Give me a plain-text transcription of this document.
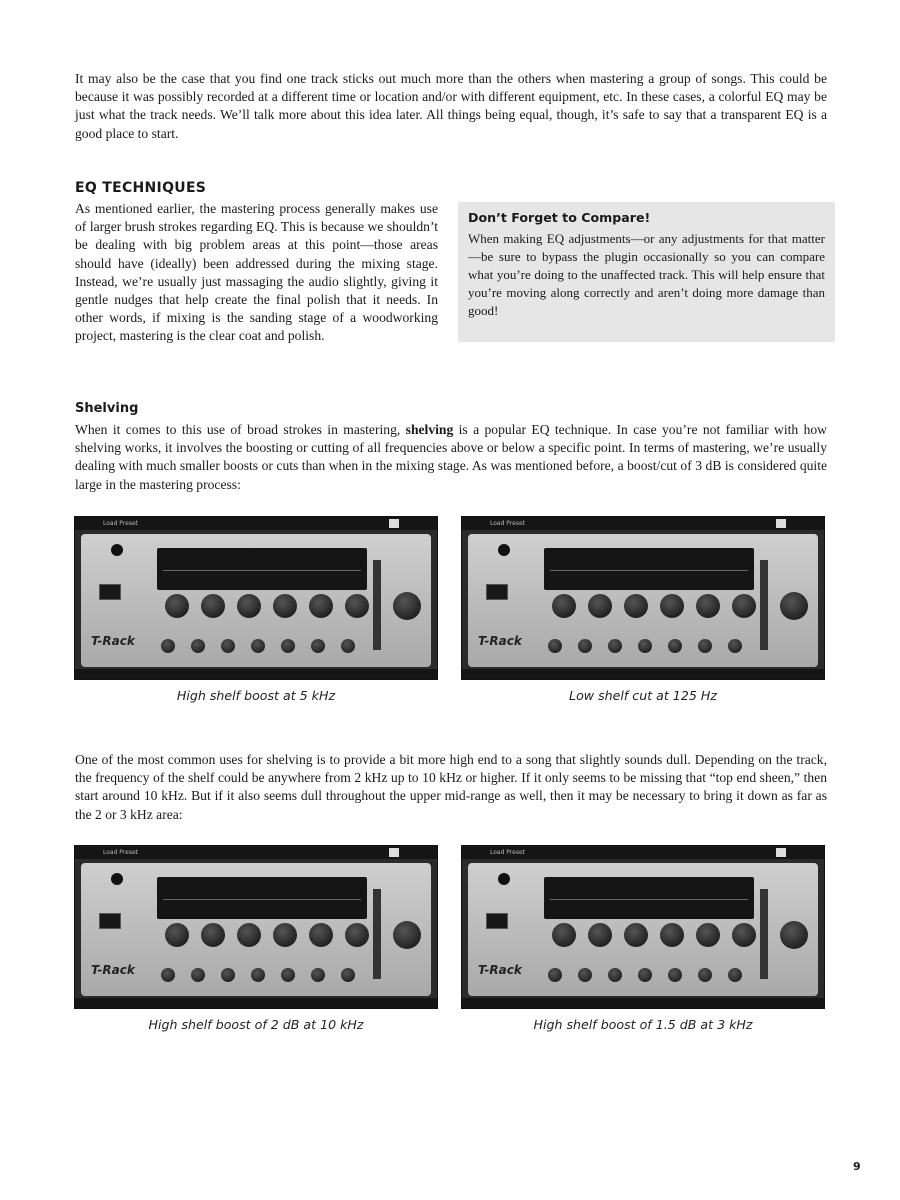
It may also be the case that you find one track sticks out much more than the others when mastering a group of songs. This could be because it was possibly recorded at a different time or location and/or with different equipment, etc. In these cases, a colorful EQ may be just what the track needs. We’ll talk more about this idea later. All things being equal, though, it’s safe to say that a transparent EQ is a good place to start.

EQ TECHNIQUES

As mentioned earlier, the mastering process generally makes use of larger brush strokes regarding EQ. This is because we shouldn’t be dealing with big problem areas at this point—those areas should have (ideally) been addressed during the mixing stage. Instead, we’re usually just massaging the audio slightly, giving it gentle nudges that help create the final polish that it needs. In other words, if mixing is the sanding stage of a woodworking project, mastering is the clear coat and polish.

Don’t Forget to Compare!
When making EQ adjustments—or any adjustments for that matter—be sure to bypass the plugin occasionally so you can compare what you’re doing to the unaffected track. This will help ensure that you’re moving along correctly and aren’t doing more damage than good!
Shelving

When it comes to this use of broad strokes in mastering, shelving is a popular EQ technique. In case you’re not familiar with how shelving works, it involves the boosting or cutting of all frequencies above or below a specific point. In terms of mastering, we’re usually dealing with much smaller boosts or cuts than when in the mixing stage. As was mentioned before, a boost/cut of 3 dB is considered quite large in the mastering process:

Load Preset
T-Rack
High shelf boost at 5 kHz
Load Preset
T-Rack
Low shelf cut at 125 Hz

One of the most common uses for shelving is to provide a bit more high end to a song that slightly sounds dull. Depending on the track, the frequency of the shelf could be anywhere from 2 kHz up to 10 kHz or higher. If it only seems to be missing that “top end sheen,” then start around 10 kHz. But if it also seems dull throughout the upper mid-range as well, then it may be necessary to bring it down as far as the 2 or 3 kHz area:

Load Preset
T-Rack
High shelf boost of 2 dB at 10 kHz
Load Preset
T-Rack
High shelf boost of 1.5 dB at 3 kHz
9
